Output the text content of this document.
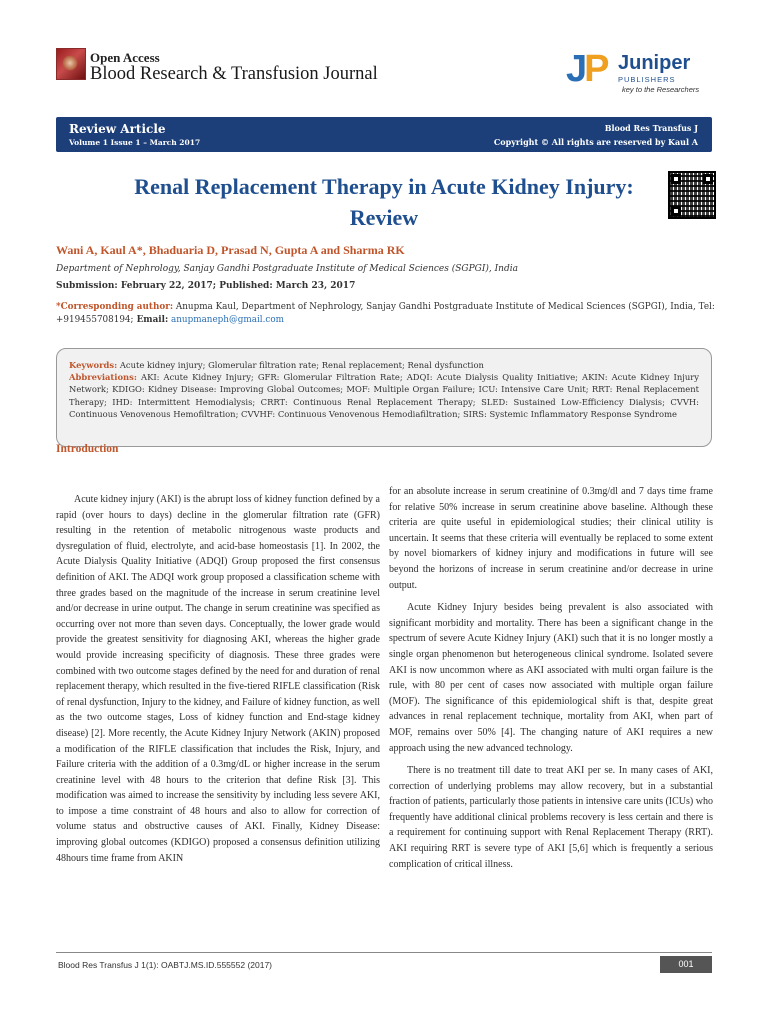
Open Access
Blood Research & Transfusion Journal	JP Juniper
PUBLISHERS
key to the Researchers
Review Article
Volume 1 Issue 1 – March 2017
Blood Res Transfus J
Copyright © All rights are reserved by Kaul A
Renal Replacement Therapy in Acute Kidney Injury: Review
Wani A, Kaul A*, Bhaduaria D, Prasad N, Gupta A and Sharma RK
Department of Nephrology, Sanjay Gandhi Postgraduate Institute of Medical Sciences (SGPGI), India
Submission: February 22, 2017; Published: March 23, 2017
*Corresponding author: Anupma Kaul, Department of Nephrology, Sanjay Gandhi Postgraduate Institute of Medical Sciences (SGPGI), India, Tel: +919455708194; Email: anupmaneph@gmail.com
Keywords: Acute kidney injury; Glomerular filtration rate; Renal replacement; Renal dysfunction
Abbreviations: AKI: Acute Kidney Injury; GFR: Glomerular Filtration Rate; ADQI: Acute Dialysis Quality Initiative; AKIN: Acute Kidney Injury Network; KDIGO: Kidney Disease: Improving Global Outcomes; MOF: Multiple Organ Failure; ICU: Intensive Care Unit; RRT: Renal Replacement Therapy; IHD: Intermittent Hemodialysis; CRRT: Continuous Renal Replacement Therapy; SLED: Sustained Low-Efficiency Dialysis; CVVH: Continuous Venovenous Hemofiltration; CVVHF: Continuous Venovenous Hemodiafiltration; SIRS: Systemic Inflammatory Response Syndrome
Introduction

Acute kidney injury (AKI) is the abrupt loss of kidney function defined by a rapid (over hours to days) decline in the glomerular filtration rate (GFR) resulting in the retention of metabolic nitrogenous waste products and dysregulation of fluid, electrolyte, and acid-base homeostasis [1]. In 2002, the Acute Dialysis Quality Initiative (ADQI) Group proposed the first consensus definition of AKI. The ADQI work group proposed a classification scheme with three grades based on the magnitude of the increase in serum creatinine level and/or decrease in urine output. The change in serum creatinine was specified as occurring over not more than seven days. Conceptually, the lower grade would provide the greatest sensitivity for diagnosing AKI, whereas the higher grade would provide increasing specificity of diagnosis. These three grades were combined with two outcome stages defined by the need for and duration of renal replacement therapy, which resulted in the five-tiered RIFLE classification (Risk of renal dysfunction, Injury to the kidney, and Failure of kidney function, as well as the two outcome stages, Loss of kidney function and End-stage kidney disease) [2]. More recently, the Acute Kidney Injury Network (AKIN) proposed a modification of the RIFLE classification that includes the Risk, Injury, and Failure criteria with the addition of a 0.3mg/dL or higher increase in the serum creatinine level with 48 hours to the criterion that define Risk [3]. This modification was aimed to increase the sensitivity by including less severe AKI, to impose a time constraint of 48 hours and also to allow for correction of volume status and obstructive causes of AKI. Finally, Kidney Disease: improving global outcomes (KDIGO) proposed a consensus definition utilizing 48hours time frame from AKIN

for an absolute increase in serum creatinine of 0.3mg/dl and 7 days time frame for relative 50% increase in serum creatinine above baseline. Although these criteria are quite useful in epidemiological studies; their clinical utility is uncertain. It seems that these criteria will eventually be replaced to some extent by novel biomarkers of kidney injury and modifications in future will see beyond the horizons of increase in serum creatinine and/or decrease in urine output.

Acute Kidney Injury besides being prevalent is also associated with significant morbidity and mortality. There has been a significant change in the spectrum of severe Acute Kidney Injury (AKI) such that it is no longer mostly a single organ phenomenon but heterogeneous clinical syndrome. Isolated severe AKI is now uncommon where as AKI associated with multi organ failure is the rule, with 80 per cent of cases now associated with multiple organ failure (MOF). The significance of this epidemiological shift is that, despite great advances in renal replacement technique, mortality from AKI, when part of MOF, remains over 50% [4]. The changing nature of AKI requires a new approach using the new advanced technology.

There is no treatment till date to treat AKI per se. In many cases of AKI, correction of underlying problems may allow recovery, but in a substantial fraction of patients, particularly those patients in intensive care units (ICUs) who frequently have additional clinical problems recovery is less certain and there is a requirement for continuing support with Renal Replacement Therapy (RRT). AKI requiring RRT is severe type of AKI [5,6] which is frequently a serious complication of critical illness.

Blood Res Transfus J 1(1): OABTJ.MS.ID.555552 (2017)	001
